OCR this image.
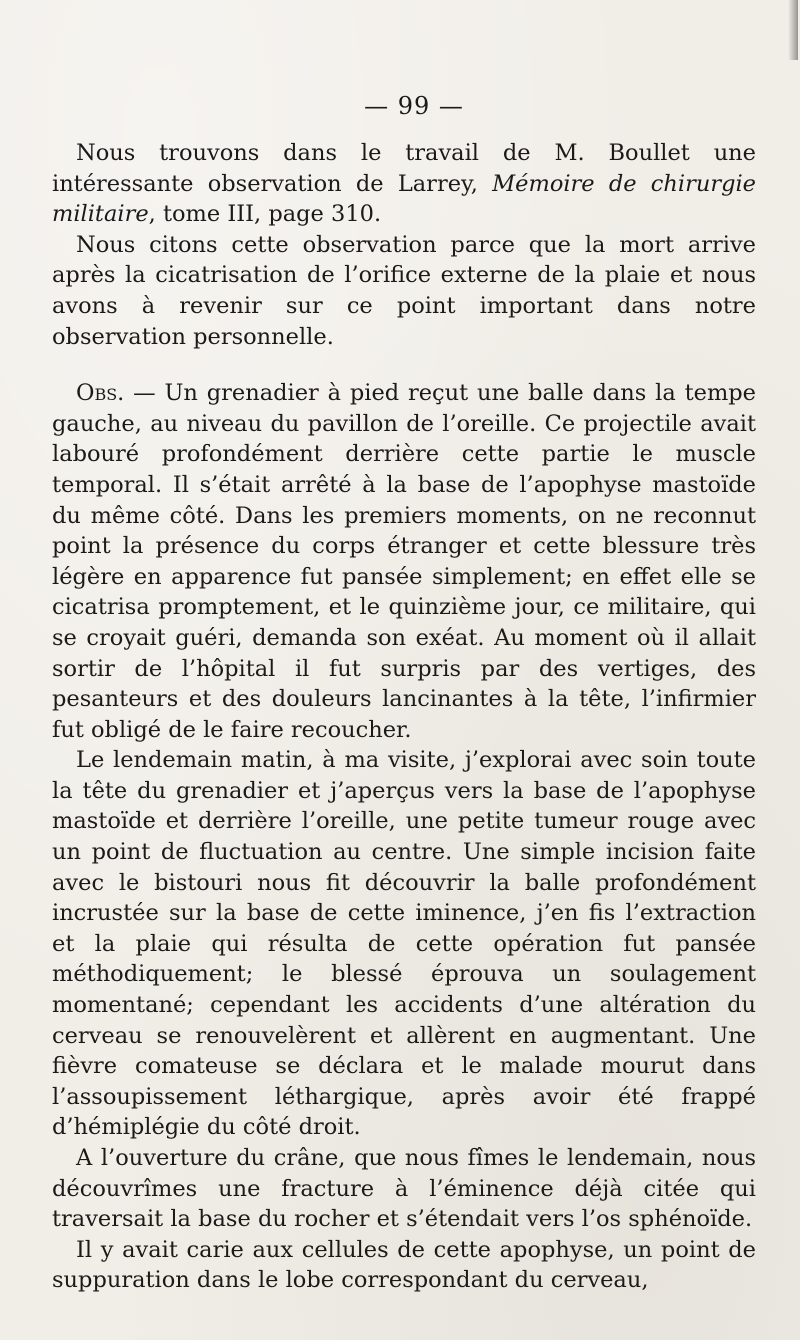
— 99 —

Nous trouvons dans le travail de M. Boullet une intéressante observation de Larrey, Mémoire de chirurgie militaire, tome III, page 310.

Nous citons cette observation parce que la mort arrive après la cicatrisation de l’orifice externe de la plaie et nous avons à revenir sur ce point important dans notre observation personnelle.

Obs. — Un grenadier à pied reçut une balle dans la tempe gauche, au niveau du pavillon de l’oreille. Ce projectile avait labouré profondément derrière cette partie le muscle temporal. Il s’était arrêté à la base de l’apophyse mastoïde du même côté. Dans les premiers moments, on ne reconnut point la présence du corps étranger et cette blessure très légère en apparence fut pansée simplement; en effet elle se cicatrisa promptement, et le quinzième jour, ce militaire, qui se croyait guéri, demanda son exéat. Au moment où il allait sortir de l’hôpital il fut surpris par des vertiges, des pesanteurs et des douleurs lancinantes à la tête, l’infirmier fut obligé de le faire recoucher.

Le lendemain matin, à ma visite, j’explorai avec soin toute la tête du grenadier et j’aperçus vers la base de l’apophyse mastoïde et derrière l’oreille, une petite tumeur rouge avec un point de fluctuation au centre. Une simple incision faite avec le bistouri nous fit découvrir la balle profondément incrustée sur la base de cette iminence, j’en fis l’extraction et la plaie qui résulta de cette opération fut pansée méthodiquement; le blessé éprouva un soulagement momentané; cependant les accidents d’une altération du cerveau se renouvelèrent et allèrent en augmentant. Une fièvre comateuse se déclara et le malade mourut dans l’assoupissement léthargique, après avoir été frappé d’hémiplégie du côté droit.

A l’ouverture du crâne, que nous fîmes le lendemain, nous découvrîmes une fracture à l’éminence déjà citée qui traversait la base du rocher et s’étendait vers l’os sphénoïde.

Il y avait carie aux cellules de cette apophyse, un point de suppuration dans le lobe correspondant du cerveau,
